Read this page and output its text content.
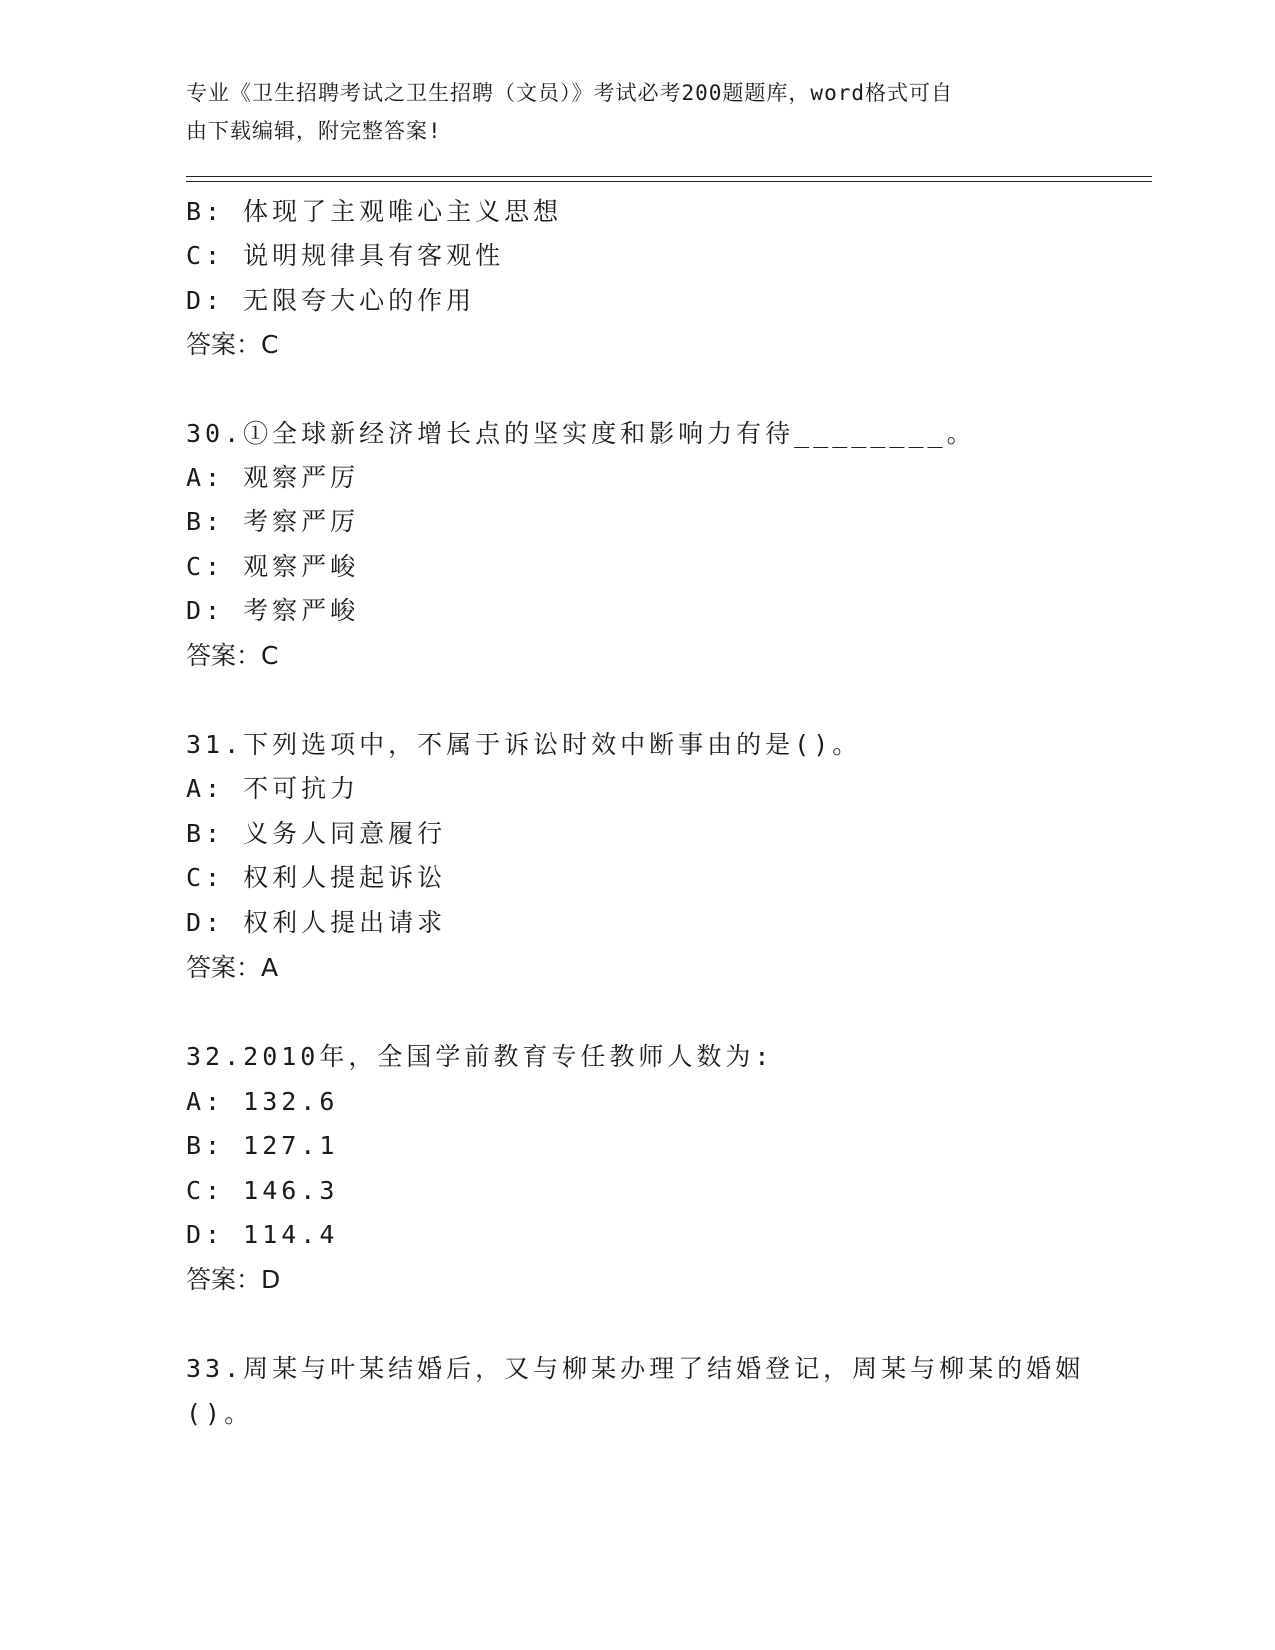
专业《卫生招聘考试之卫生招聘（文员）》考试必考200题题库，word格式可自
由下载编辑，附完整答案!
B: 体现了主观唯心主义思想
C: 说明规律具有客观性
D: 无限夸大心的作用
答案：C
30.①全球新经济增长点的坚实度和影响力有待________。
A: 观察严厉
B: 考察严厉
C: 观察严峻
D: 考察严峻
答案：C
31.下列选项中，不属于诉讼时效中断事由的是()。
A: 不可抗力
B: 义务人同意履行
C: 权利人提起诉讼
D: 权利人提出请求
答案：A
32.2010年，全国学前教育专任教师人数为:
A: 132.6
B: 127.1
C: 146.3
D: 114.4
答案：D
33.周某与叶某结婚后，又与柳某办理了结婚登记，周某与柳某的婚姻
()。
